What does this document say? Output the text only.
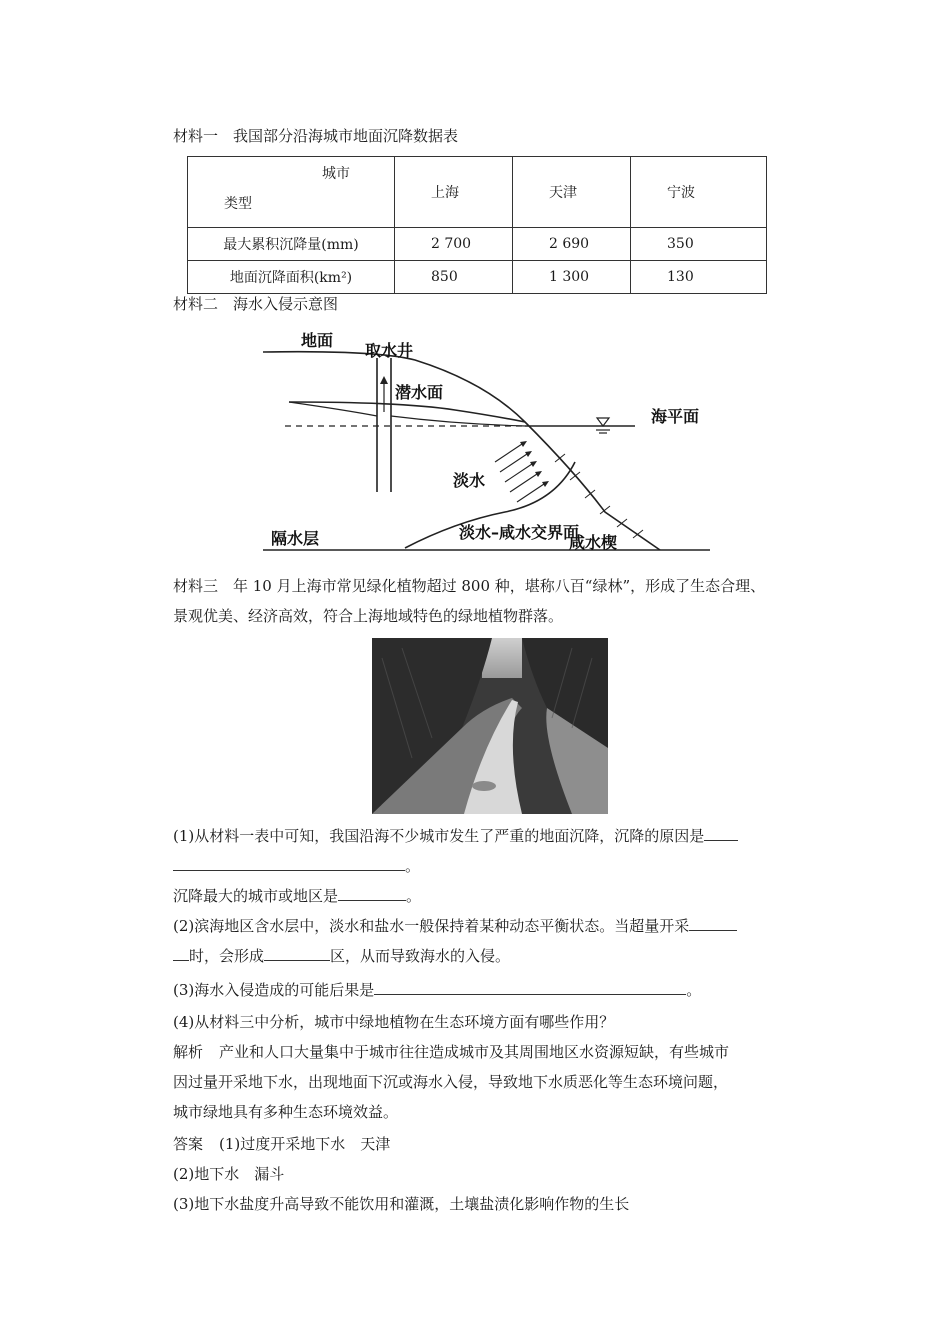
材料一　我国部分沿海城市地面沉降数据表
城市
类型	上海	天津	宁波
最大累积沉降量(mm)	2 700	2 690	350
地面沉降面积(km²)	850	1 300	130
材料二　海水入侵示意图
地面
取水井
潜水面
海平面
淡水
隔水层	淡水–咸水交界面
咸水楔
材料三　年 10 月上海市常见绿化植物超过 800 种，堪称八百“绿林”，形成了生态合理、
景观优美、经济高效，符合上海地域特色的绿地植物群落。
(1)从材料一表中可知，我国沿海不少城市发生了严重的地面沉降，沉降的原因是
。
沉降最大的城市或地区是	。
(2)滨海地区含水层中，淡水和盐水一般保持着某种动态平衡状态。当超量开采
时，会形成	区，从而导致海水的入侵。
(3)海水入侵造成的可能后果是	。
(4)从材料三中分析，城市中绿地植物在生态环境方面有哪些作用？
解析 产业和人口大量集中于城市往往造成城市及其周围地区水资源短缺，有些城市
因过量开采地下水，出现地面下沉或海水入侵，导致地下水质恶化等生态环境问题，
城市绿地具有多种生态环境效益。
答案 (1)过度开采地下水　天津
(2)地下水　漏斗
(3)地下水盐度升高导致不能饮用和灌溉，土壤盐渍化影响作物的生长
